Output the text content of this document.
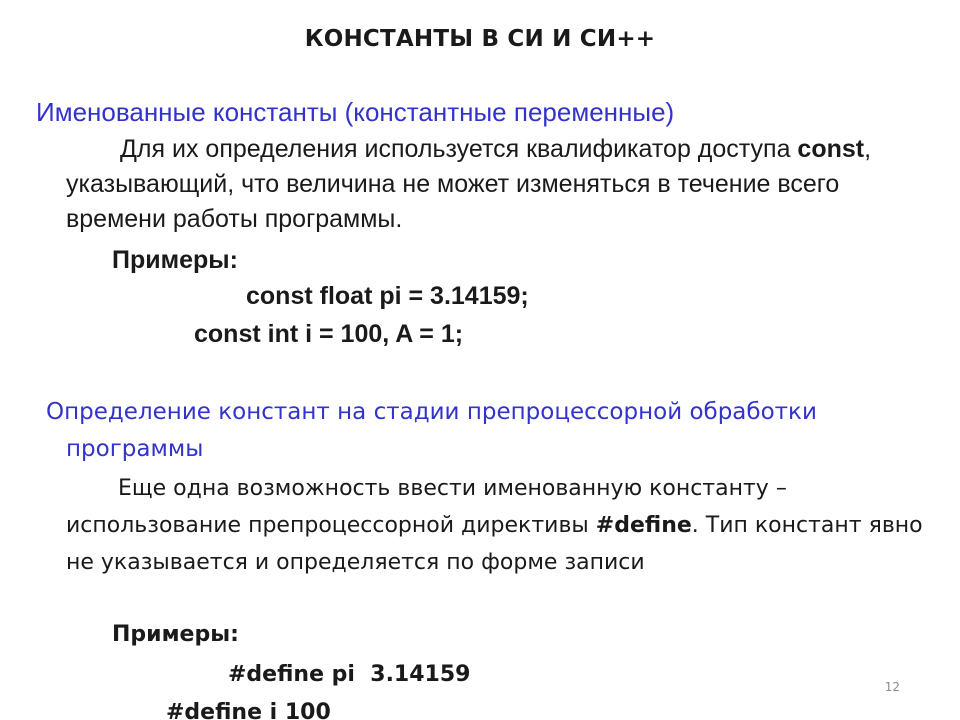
КОНСТАНТЫ В СИ И СИ++
Именованные константы (константные переменные)
Для их определения используется квалификатор доступа const, указывающий, что величина не может изменяться в течение всего времени работы программы.
Примеры:
const float pi = 3.14159;
const int i = 100, A = 1;
Определение констант на стадии препроцессорной обработки
программы
Еще одна возможность ввести именованную константу – использование препроцессорной директивы #define. Тип констант явно не указывается и определяется по форме записи
Примеры:
#define pi  3.14159
#define i 100
12
